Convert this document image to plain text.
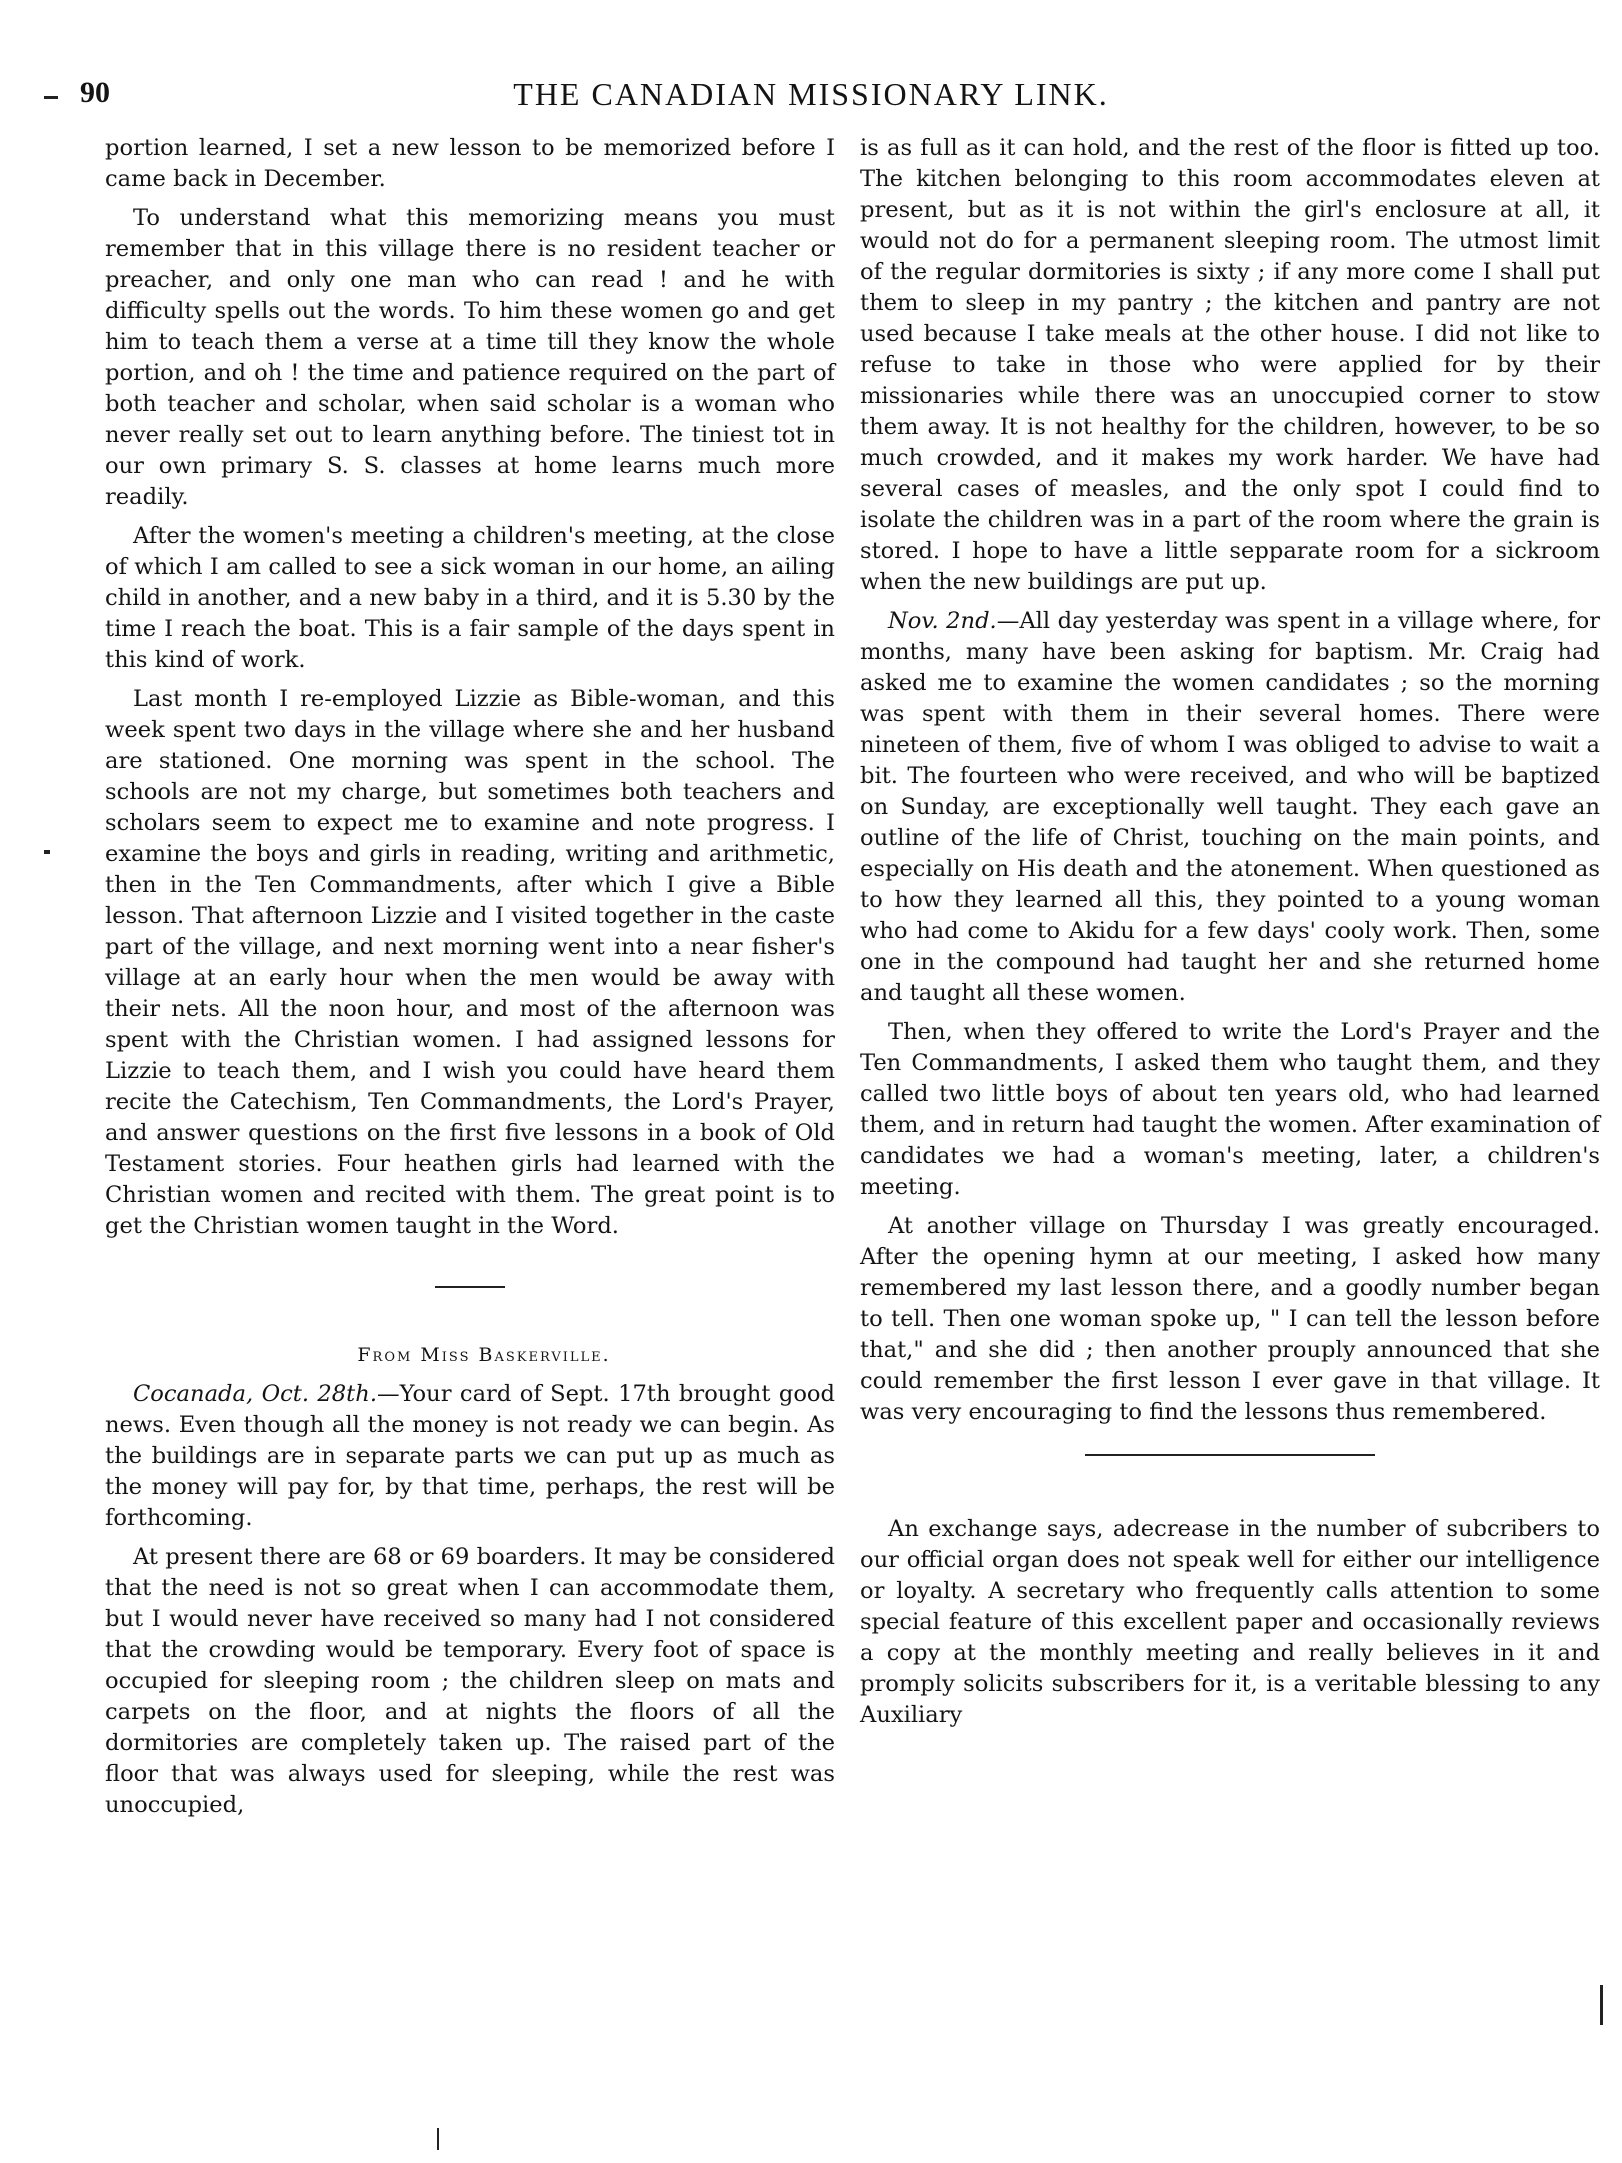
90	THE CANADIAN MISSIONARY LINK.

portion learned, I set a new lesson to be memorized before I came back in December.

To understand what this memorizing means you must remember that in this village there is no resident teacher or preacher, and only one man who can read ! and he with difficulty spells out the words. To him these women go and get him to teach them a verse at a time till they know the whole portion, and oh ! the time and patience required on the part of both teacher and scholar, when said scholar is a woman who never really set out to learn anything before. The tiniest tot in our own primary S. S. classes at home learns much more readily.

After the women's meeting a children's meeting, at the close of which I am called to see a sick woman in our home, an ailing child in another, and a new baby in a third, and it is 5.30 by the time I reach the boat. This is a fair sample of the days spent in this kind of work.

Last month I re-employed Lizzie as Bible-woman, and this week spent two days in the village where she and her husband are stationed. One morning was spent in the school. The schools are not my charge, but sometimes both teachers and scholars seem to expect me to examine and note progress. I examine the boys and girls in reading, writing and arithmetic, then in the Ten Commandments, after which I give a Bible lesson. That afternoon Lizzie and I visited together in the caste part of the village, and next morning went into a near fisher's village at an early hour when the men would be away with their nets. All the noon hour, and most of the afternoon was spent with the Christian women. I had assigned lessons for Lizzie to teach them, and I wish you could have heard them recite the Catechism, Ten Commandments, the Lord's Prayer, and answer questions on the first five lessons in a book of Old Testament stories. Four heathen girls had learned with the Christian women and recited with them. The great point is to get the Christian women taught in the Word.

From Miss Baskerville.

Cocanada, Oct. 28th.—Your card of Sept. 17th brought good news. Even though all the money is not ready we can begin. As the buildings are in separate parts we can put up as much as the money will pay for, by that time, perhaps, the rest will be forthcoming.

At present there are 68 or 69 boarders. It may be considered that the need is not so great when I can accommodate them, but I would never have received so many had I not considered that the crowding would be temporary. Every foot of space is occupied for sleeping room ; the children sleep on mats and carpets on the floor, and at nights the floors of all the dormitories are completely taken up. The raised part of the floor that was always used for sleeping, while the rest was unoccupied,

is as full as it can hold, and the rest of the floor is fitted up too. The kitchen belonging to this room accommodates eleven at present, but as it is not within the girl's enclosure at all, it would not do for a permanent sleeping room. The utmost limit of the regular dormitories is sixty ; if any more come I shall put them to sleep in my pantry ; the kitchen and pantry are not used because I take meals at the other house. I did not like to refuse to take in those who were applied for by their missionaries while there was an unoccupied corner to stow them away. It is not healthy for the children, however, to be so much crowded, and it makes my work harder. We have had several cases of measles, and the only spot I could find to isolate the children was in a part of the room where the grain is stored. I hope to have a little sepparate room for a sickroom when the new buildings are put up.

Nov. 2nd.—All day yesterday was spent in a village where, for months, many have been asking for baptism. Mr. Craig had asked me to examine the women candidates ; so the morning was spent with them in their several homes. There were nineteen of them, five of whom I was obliged to advise to wait a bit. The fourteen who were received, and who will be baptized on Sunday, are exceptionally well taught. They each gave an outline of the life of Christ, touching on the main points, and especially on His death and the atonement. When questioned as to how they learned all this, they pointed to a young woman who had come to Akidu for a few days' cooly work. Then, some one in the compound had taught her and she returned home and taught all these women.

Then, when they offered to write the Lord's Prayer and the Ten Commandments, I asked them who taught them, and they called two little boys of about ten years old, who had learned them, and in return had taught the women. After examination of candidates we had a woman's meeting, later, a children's meeting.

At another village on Thursday I was greatly encouraged. After the opening hymn at our meeting, I asked how many remembered my last lesson there, and a goodly number began to tell. Then one woman spoke up, " I can tell the lesson before that," and she did ; then another prouply announced that she could remember the first lesson I ever gave in that village. It was very encouraging to find the lessons thus remembered.

An exchange says, adecrease in the number of subcribers to our official organ does not speak well for either our intelligence or loyalty. A secretary who frequently calls attention to some special feature of this excellent paper and occasionally reviews a copy at the monthly meeting and really believes in it and promply solicits subscribers for it, is a veritable blessing to any Auxiliary
